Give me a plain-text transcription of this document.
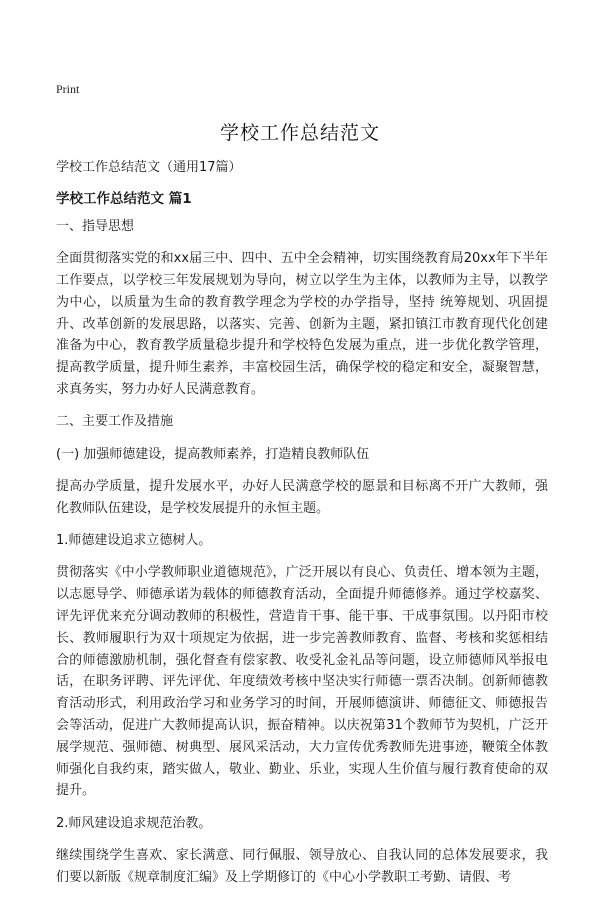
Print
学校工作总结范文
学校工作总结范文（通用17篇）
学校工作总结范文 篇1

一、指导思想

全面贯彻落实党的和xx届三中、四中、五中全会精神，切实围绕教育局20xx年下半年工作要点，以学校三年发展规划为导向，树立以学生为主体，以教师为主导，以教学为中心，以质量为生命的教育教学理念为学校的办学指导，坚持 统筹规划、巩固提升、改革创新的发展思路，以落实、完善、创新为主题，紧扣镇江市教育现代化创建准备为中心，教育教学质量稳步提升和学校特色发展为重点，进一步优化教学管理，提高教学质量，提升师生素养，丰富校园生活，确保学校的稳定和安全，凝聚智慧，求真务实，努力办好人民满意教育。

二、主要工作及措施

(一) 加强师德建设，提高教师素养，打造精良教师队伍

提高办学质量，提升发展水平，办好人民满意学校的愿景和目标离不开广大教师，强化教师队伍建设，是学校发展提升的永恒主题。

1.师德建设追求立德树人。

贯彻落实《中小学教师职业道德规范》，广泛开展以有良心、负责任、增本领为主题，以志愿导学、师德承诺为载体的师德教育活动，全面提升师德修养。通过学校嘉奖、评先评优来充分调动教师的积极性，营造肯干事、能干事、干成事氛围。以丹阳市校长、教师履职行为双十项规定为依据，进一步完善教师教育、监督、考核和奖惩相结合的师德激励机制，强化督查有偿家教、收受礼金礼品等问题，设立师德师风举报电话，在职务评聘、评先评优、年度绩效考核中坚决实行师德一票否决制。创新师德教育活动形式，利用政治学习和业务学习的时间，开展师德演讲、师德征文、师德报告会等活动，促进广大教师提高认识，振奋精神。以庆祝第31个教师节为契机，广泛开展学规范、强师德、树典型、展风采活动，大力宣传优秀教师先进事迹，鞭策全体教师强化自我约束，踏实做人，敬业、勤业、乐业，实现人生价值与履行教育使命的双提升。

2.师风建设追求规范治教。

继续围绕学生喜欢、家长满意、同行佩服、领导放心、自我认同的总体发展要求，我们要以新版《规章制度汇编》及上学期修订的《中心小学教职工考勤、请假、考
